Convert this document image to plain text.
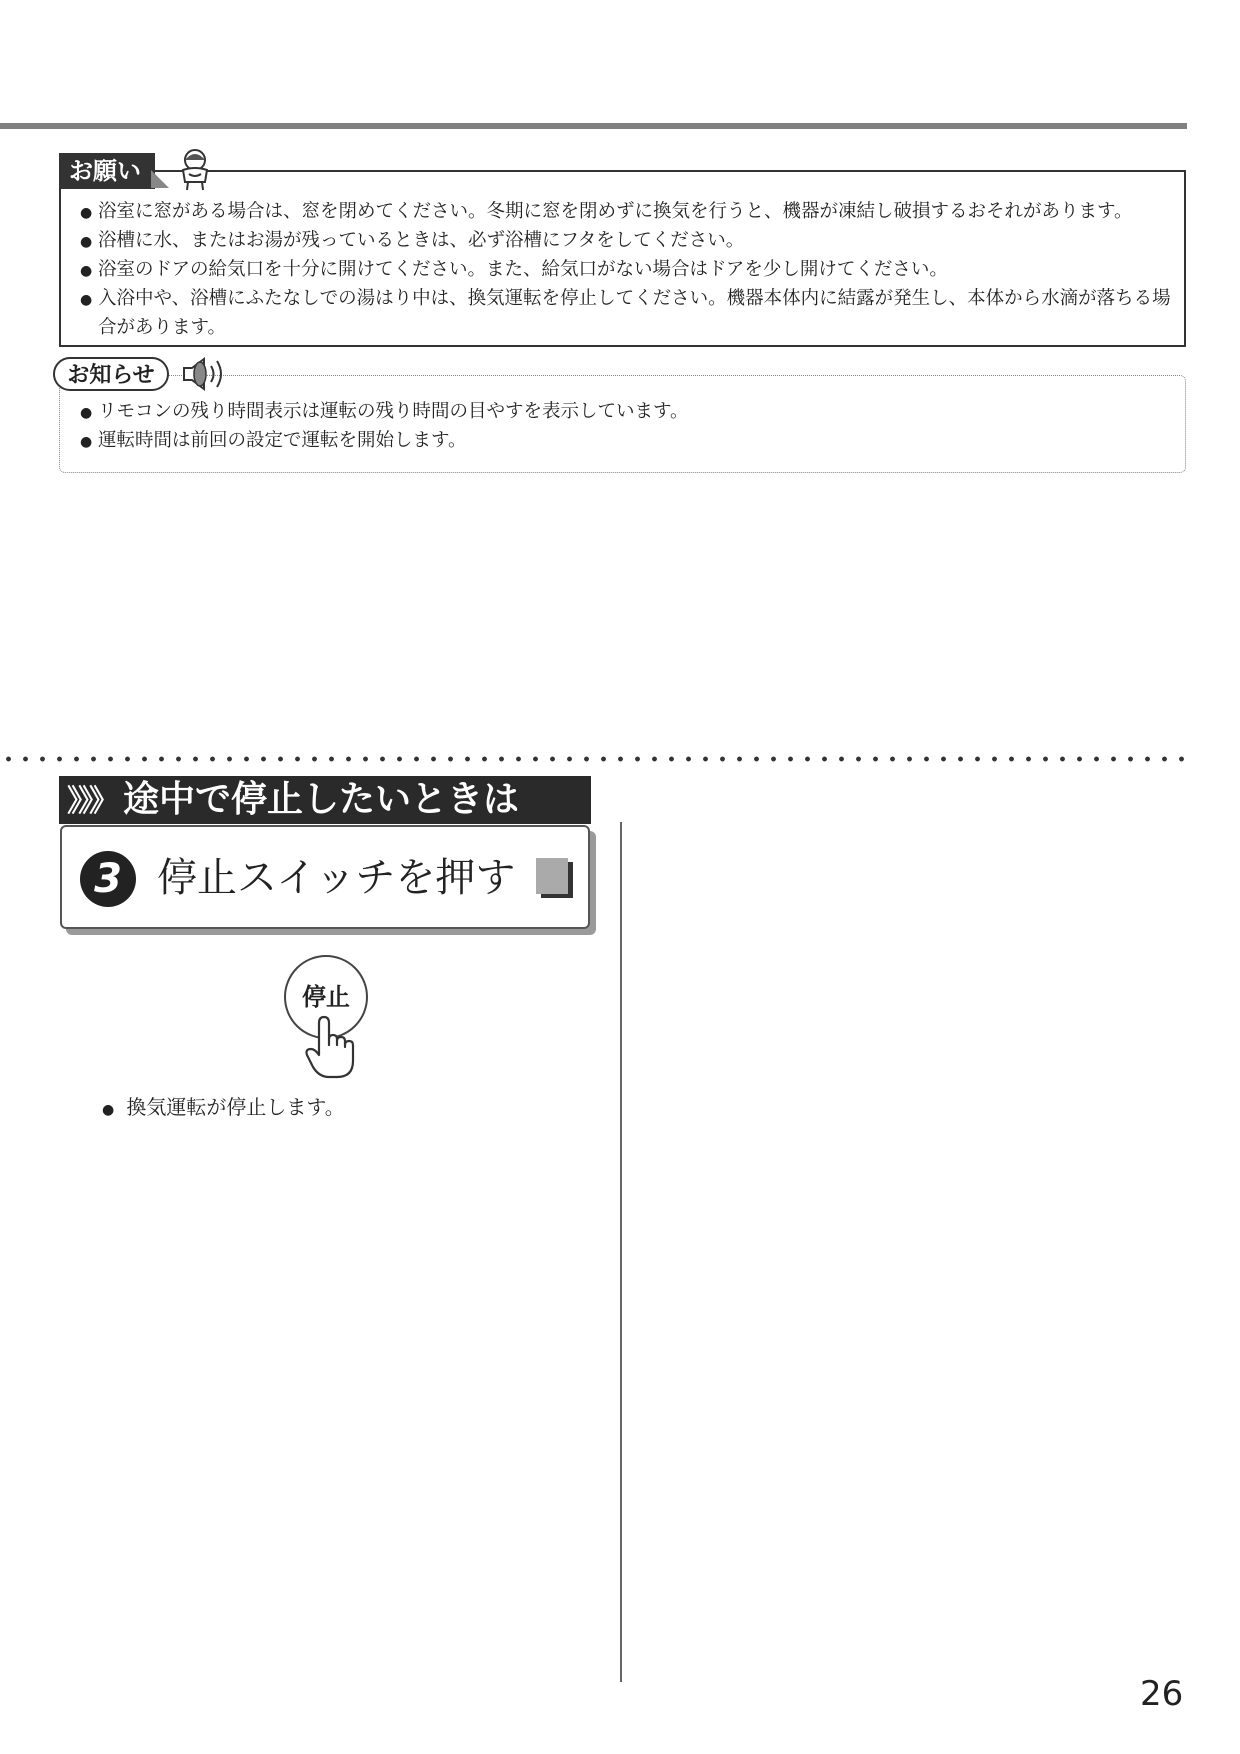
お願い
● 浴室に窓がある場合は、窓を閉めてください。冬期に窓を閉めずに換気を行うと、機器が凍結し破損するおそれがあります。
● 浴槽に水、またはお湯が残っているときは、必ず浴槽にフタをしてください。
● 浴室のドアの給気口を十分に開けてください。また、給気口がない場合はドアを少し開けてください。
● 入浴中や、浴槽にふたなしでの湯はり中は、換気運転を停止してください。機器本体内に結露が発生し、本体から水滴が落ちる場合があります。
お知らせ
● リモコンの残り時間表示は運転の残り時間の目やすを表示しています。
● 運転時間は前回の設定で運転を開始します。
》》》 途中で停止したいときは
3 停止スイッチを押す
停止
● 換気運転が停止します。
26
